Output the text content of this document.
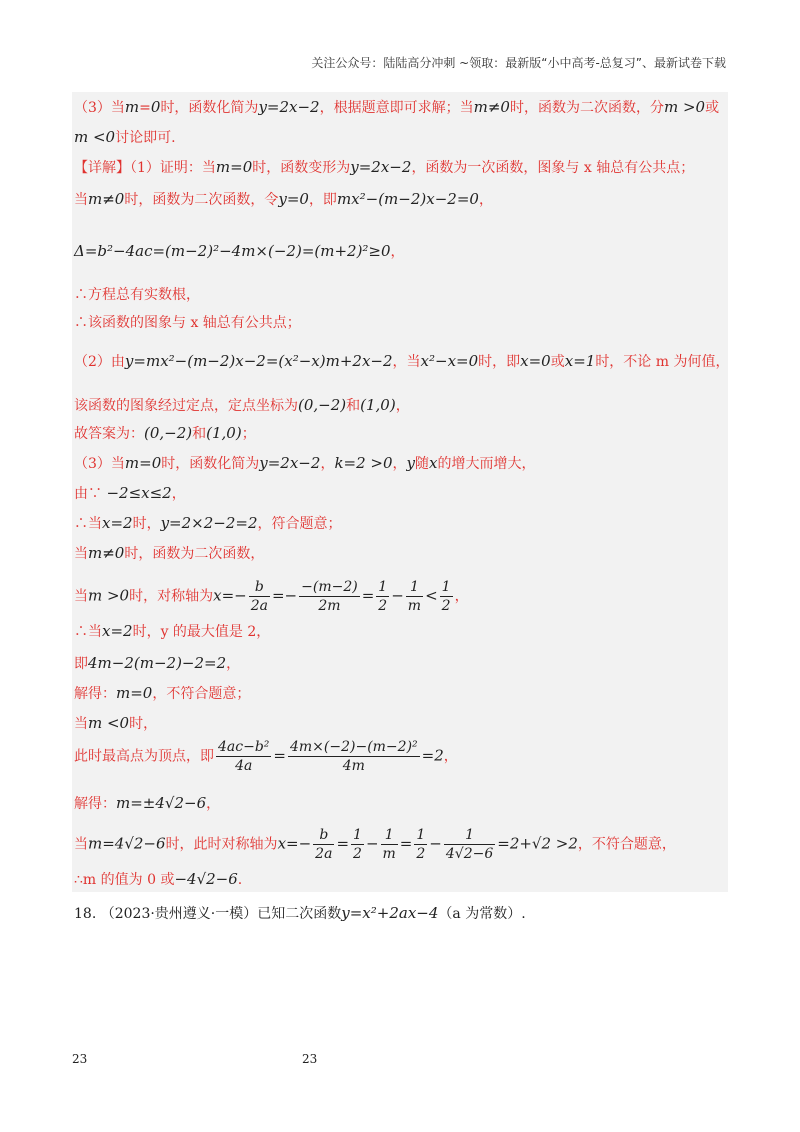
关注公众号：陆陆高分冲刺 ~领取：最新版“小中高考-总复习”、最新试卷下载
（3）当m=0时，函数化简为y=2x−2，根据题意即可求解；当m≠0时，函数为二次函数，分m >0或
m <0讨论即可.
【详解】（1）证明：当m=0时，函数变形为y=2x−2，函数为一次函数，图象与 x 轴总有公共点；
当m≠0时，函数为二次函数，令y=0，即mx²−(m−2)x−2=0，
Δ=b²−4ac=(m−2)²−4m×(−2)=(m+2)²≥0，
∴方程总有实数根，
∴该函数的图象与 x 轴总有公共点；
（2）由y=mx²−(m−2)x−2=(x²−x)m+2x−2，当x²−x=0时，即x=0或x=1时，不论 m 为何值，
该函数的图象经过定点，定点坐标为(0,−2)和(1,0)，
故答案为：(0,−2)和(1,0)；
（3）当m=0时，函数化简为y=2x−2，k=2 >0，y随x的增大而增大，
由∵ −2≤x≤2，
∴当x=2时，y=2×2−2=2，符合题意；
当m≠0时，函数为二次函数，
∴当x=2时，y 的最大值是 2，
即4m−2(m−2)−2=2，
解得：m=0，不符合题意；
当m <0时，
解得：m=±4√2−6，
∴m 的值为 0 或−4√2−6.
当m >0时，对称轴为$x=- \frac{b}{2a} =- \frac{-(m-2)}{2m} = \frac{1}{2} - \frac{1}{m} < \frac{1}{2}$ ，
此时最高点为顶点，即 $\frac{\text{4ac−b²}}{4a} = \frac{\text{4m×(−2)−(m−2)²}}{4m} =2$，
当m=4√2−6时，此时对称轴为$x=- \frac{b}{2a} = \frac{1}{2} - \frac{1}{m} = \frac{1}{2} - \frac{1}{4√2-6} =2+√2 >2$，不符合题意，
18. （2023·贵州遵义·一模）已知二次函数y=x²+2ax−4（a 为常数）.
23	23
